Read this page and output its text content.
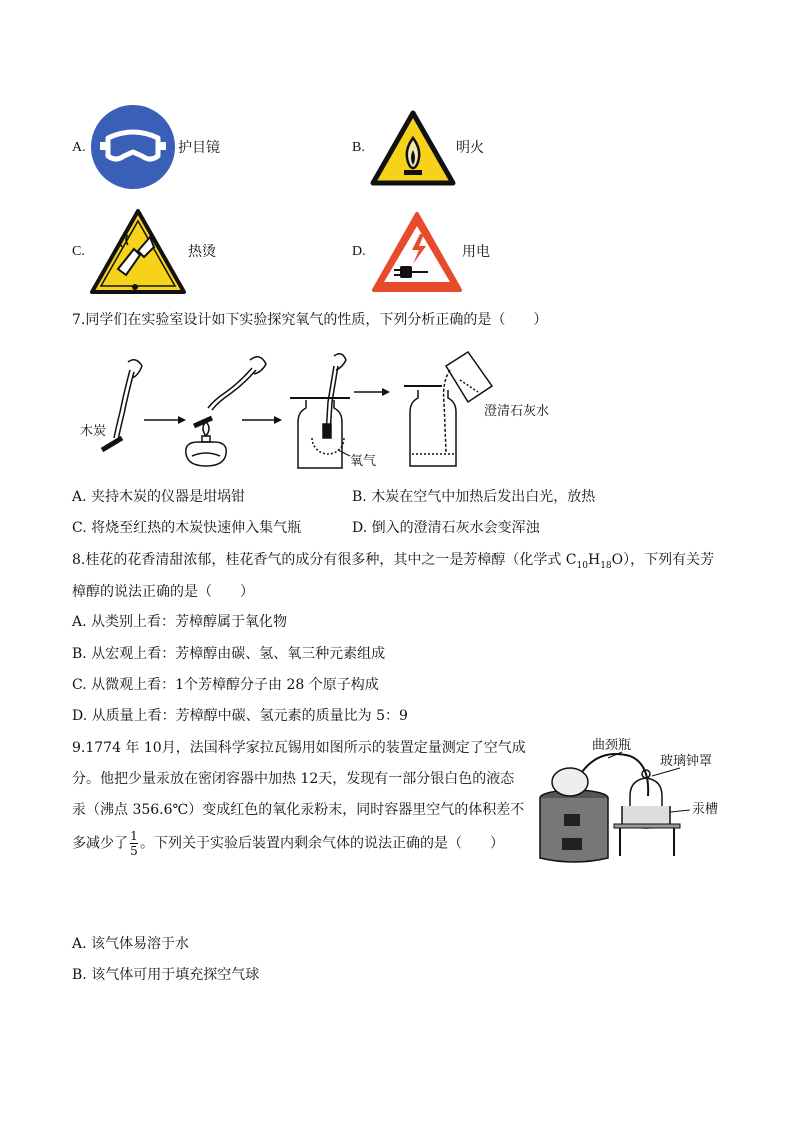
A.	护目镜	B.	明火
C.	热烫	D.	用电
7.同学们在实验室设计如下实验探究氧气的性质，下列分析正确的是（　　）
木炭
氧气
澄清石灰水
A. 夹持木炭的仪器是坩埚钳	B. 木炭在空气中加热后发出白光，放热
C. 将烧至红热的木炭快速伸入集气瓶	D. 倒入的澄清石灰水会变浑浊
8.桂花的花香清甜浓郁，桂花香气的成分有很多种，其中之一是芳樟醇（化学式 $C_{10}H_{18}O$），下列有关芳
樟醇的说法正确的是（　　）
A. 从类别上看：芳樟醇属于氧化物
B. 从宏观上看：芳樟醇由碳、氢、氧三种元素组成
C. 从微观上看：1个芳樟醇分子由 28 个原子构成
D. 从质量上看：芳樟醇中碳、氢元素的质量比为 5：9
9.1774 年 10月，法国科学家拉瓦锡用如图所示的装置定量测定了空气成
分。他把少量汞放在密闭容器中加热 12天，发现有一部分银白色的液态
汞（沸点 356.6℃）变成红色的氧化汞粉末，同时容器里空气的体积差不
多减少了 $\frac{1}{5}$ 。下列关于实验后装置内剩余气体的说法正确的是（　　）
曲颈瓶
玻璃钟罩
汞槽
A. 该气体易溶于水
B. 该气体可用于填充探空气球
